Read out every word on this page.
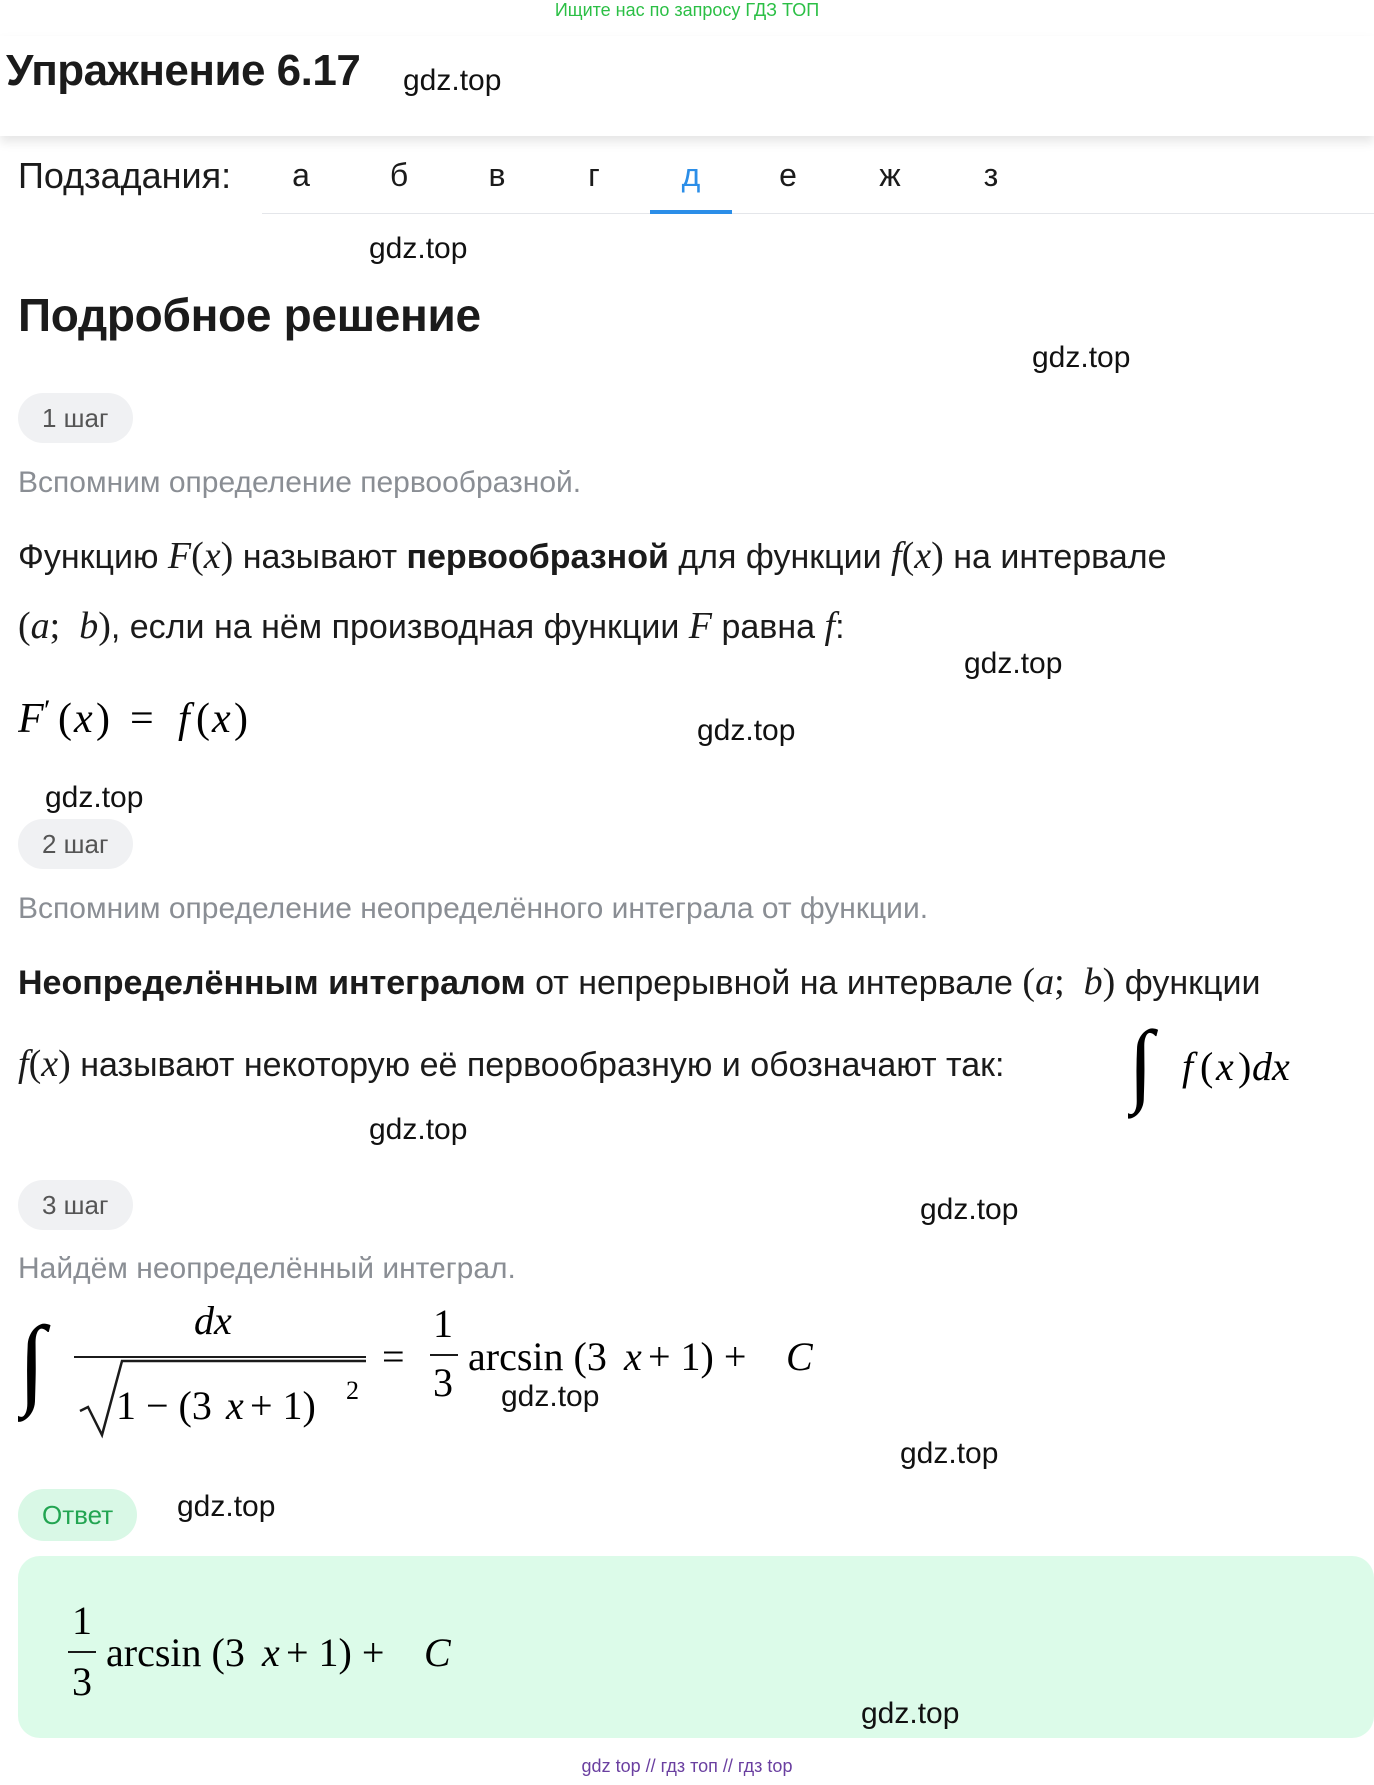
Ищите нас по запросу ГДЗ ТОП
Упражнение 6.17 gdz.top
Подзадания:	а	б	в	г	д	е	ж	з
gdz.top
Подробное решение
gdz.top
1 шаг
Вспомним определение первообразной.
Функцию F(x) называют первообразной для функции f(x) на интервале
(a;  b), если на нём производная функции F равна f:
gdz.top
F ′ ( x ) = f ( x )	gdz.top
gdz.top
2 шаг
Вспомним определение неопределённого интеграла от функции.
Неопределённым интегралом от непрерывной на интервале (a;  b) функции
f(x) называют некоторую её первообразную и обозначают так: ∫ f ( x ) dx
gdz.top
3 шаг	gdz.top
Найдём неопределённый интеграл.
∫	dx
1 − (3 x + 1) 2
=
1
3
arcsin (3 x + 1) + C
gdz.top
gdz.top
Ответ	gdz.top
1
3
arcsin (3 x + 1) + C
gdz.top
gdz top // гдз топ // гдз top
